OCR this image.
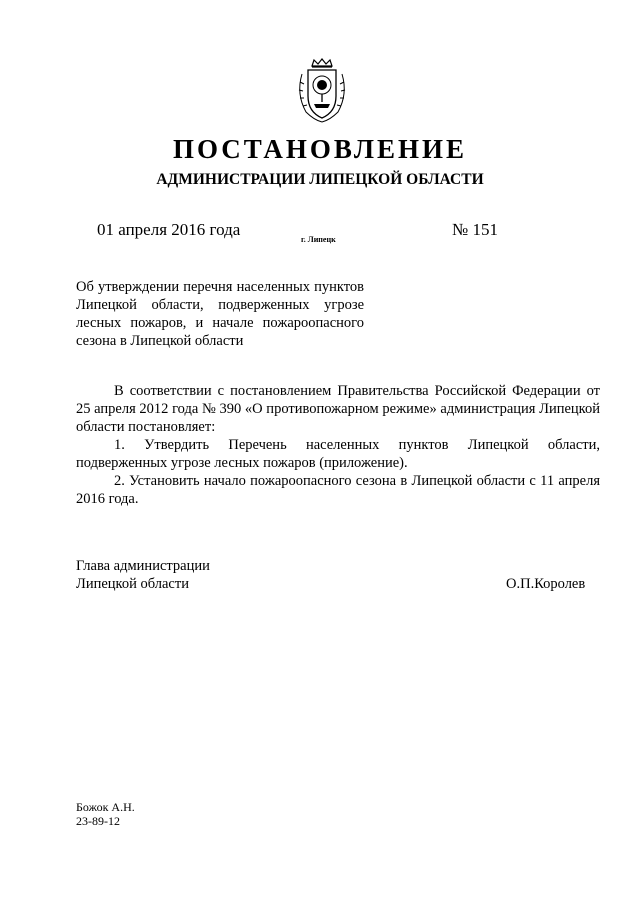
ПОСТАНОВЛЕНИЕ
АДМИНИСТРАЦИИ ЛИПЕЦКОЙ ОБЛАСТИ
01 апреля 2016 года
г. Липецк
№ 151
Об утверждении перечня населенных пунктов Липецкой области, подверженных угрозе лесных пожаров, и начале пожароопасного сезона в Липецкой области

В соответствии с постановлением Правительства Российской Федерации от 25 апреля 2012 года № 390 «О противопожарном режиме» администрация Липецкой области постановляет:

1. Утвердить Перечень населенных пунктов Липецкой области, подверженных угрозе лесных пожаров (приложение).

2. Установить начало пожароопасного сезона в Липецкой области с 11 апреля 2016 года.

Глава администрации
Липецкой области	О.П.Королев
Божок А.Н.
23-89-12
